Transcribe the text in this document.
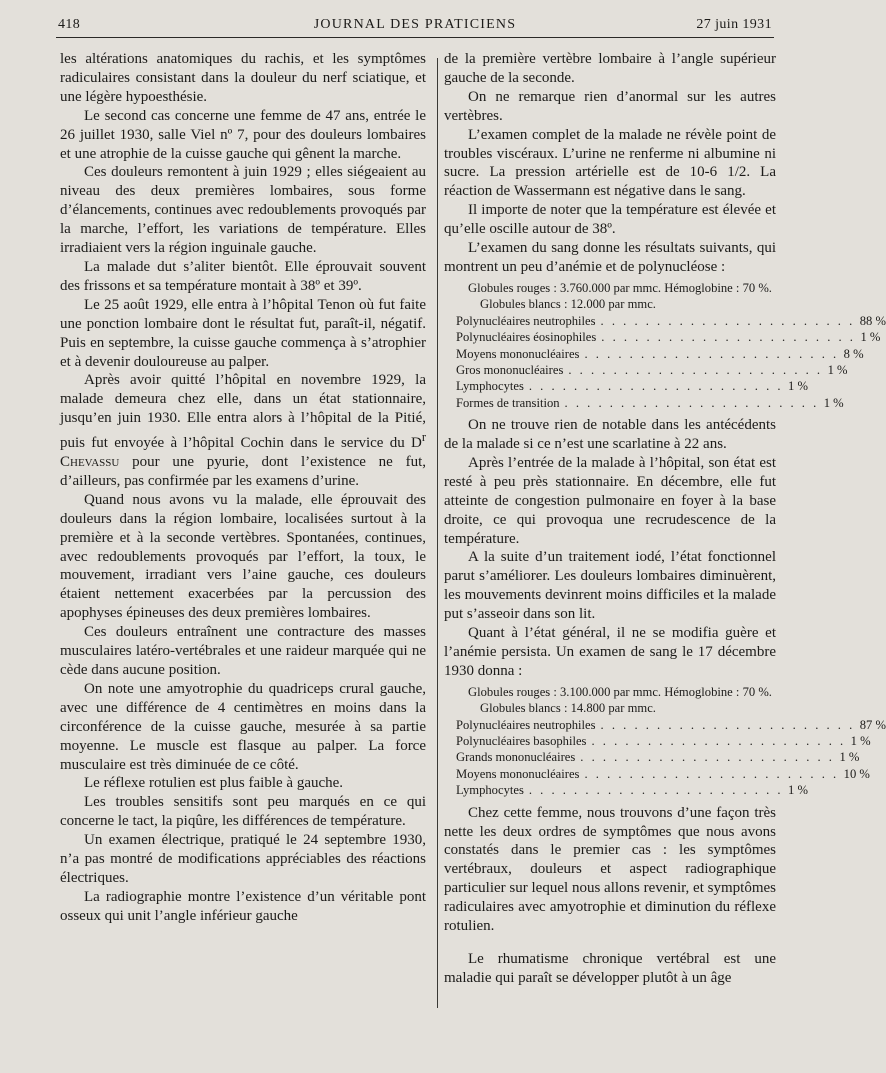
418	JOURNAL DES PRATICIENS	27 juin 1931

les altérations anatomiques du rachis, et les symptômes radiculaires consistant dans la douleur du nerf sciatique, et une légère hypoesthésie.

Le second cas concerne une femme de 47 ans, entrée le 26 juillet 1930, salle Viel nº 7, pour des douleurs lombaires et une atrophie de la cuisse gauche qui gênent la marche.

Ces douleurs remontent à juin 1929 ; elles siégeaient au niveau des deux premières lombaires, sous forme d’élancements, continues avec redoublements provoqués par la marche, l’effort, les variations de température. Elles irradiaient vers la région inguinale gauche.

La malade dut s’aliter bientôt. Elle éprouvait souvent des frissons et sa température montait à 38º et 39º.

Le 25 août 1929, elle entra à l’hôpital Tenon où fut faite une ponction lombaire dont le résultat fut, paraît-il, négatif. Puis en septembre, la cuisse gauche commença à s’atrophier et à devenir douloureuse au palper.

Après avoir quitté l’hôpital en novembre 1929, la malade demeura chez elle, dans un état stationnaire, jusqu’en juin 1930. Elle entra alors à l’hôpital de la Pitié, puis fut envoyée à l’hôpital Cochin dans le service du $D^r$ Chevassu pour une pyurie, dont l’existence ne fut, d’ailleurs, pas confirmée par les examens d’urine.

Quand nous avons vu la malade, elle éprouvait des douleurs dans la région lombaire, localisées surtout à la première et à la seconde vertèbres. Spontanées, continues, avec redoublements provoqués par l’effort, la toux, le mouvement, irradiant vers l’aine gauche, ces douleurs étaient nettement exacerbées par la percussion des apophyses épineuses des deux premières lombaires.

Ces douleurs entraînent une contracture des masses musculaires latéro-vertébrales et une raideur marquée qui ne cède dans aucune position.

On note une amyotrophie du quadriceps crural gauche, avec une différence de 4 centimètres en moins dans la circonférence de la cuisse gauche, mesurée à sa partie moyenne. Le muscle est flasque au palper. La force musculaire est très diminuée de ce côté.

Le réflexe rotulien est plus faible à gauche.

Les troubles sensitifs sont peu marqués en ce qui concerne le tact, la piqûre, les différences de température.

Un examen électrique, pratiqué le 24 septembre 1930, n’a pas montré de modifications appréciables des réactions électriques.

La radiographie montre l’existence d’un véritable pont osseux qui unit l’angle inférieur gauche

de la première vertèbre lombaire à l’angle supérieur gauche de la seconde.

On ne remarque rien d’anormal sur les autres vertèbres.

L’examen complet de la malade ne révèle point de troubles viscéraux. L’urine ne renferme ni albumine ni sucre. La pression artérielle est de 10-6 1/2. La réaction de Wassermann est négative dans le sang.

Il importe de noter que la température est élevée et qu’elle oscille autour de 38º.

L’examen du sang donne les résultats suivants, qui montrent un peu d’anémie et de polynucléose :

Globules rouges : 3.760.000 par mmc. Hémoglobine : 70 %.

Globules blancs : 12.000 par mmc.

Polynucléaires neutrophiles . . . . . . . . . . . . . . . . . . . . . . . 88 %
Polynucléaires éosinophiles . . . . . . . . . . . . . . . . . . . . . . . 1 %
Moyens mononucléaires . . . . . . . . . . . . . . . . . . . . . . . 8 %
Gros mononucléaires . . . . . . . . . . . . . . . . . . . . . . . 1 %
Lymphocytes . . . . . . . . . . . . . . . . . . . . . . . 1 %
Formes de transition . . . . . . . . . . . . . . . . . . . . . . . 1 %

On ne trouve rien de notable dans les antécédents de la malade si ce n’est une scarlatine à 22 ans.

Après l’entrée de la malade à l’hôpital, son état est resté à peu près stationnaire. En décembre, elle fut atteinte de congestion pulmonaire en foyer à la base droite, ce qui provoqua une recrudescence de la température.

A la suite d’un traitement iodé, l’état fonctionnel parut s’améliorer. Les douleurs lombaires diminuèrent, les mouvements devinrent moins difficiles et la malade put s’asseoir dans son lit.

Quant à l’état général, il ne se modifia guère et l’anémie persista. Un examen de sang le 17 décembre 1930 donna :

Globules rouges : 3.100.000 par mmc. Hémoglobine : 70 %.

Globules blancs : 14.800 par mmc.

Polynucléaires neutrophiles . . . . . . . . . . . . . . . . . . . . . . . 87 %
Polynucléaires basophiles . . . . . . . . . . . . . . . . . . . . . . . 1 %
Grands mononucléaires . . . . . . . . . . . . . . . . . . . . . . . 1 %
Moyens mononucléaires . . . . . . . . . . . . . . . . . . . . . . . 10 %
Lymphocytes . . . . . . . . . . . . . . . . . . . . . . . 1 %

Chez cette femme, nous trouvons d’une façon très nette les deux ordres de symptômes que nous avons constatés dans le premier cas : les symptômes vertébraux, douleurs et aspect radiographique particulier sur lequel nous allons revenir, et symptômes radiculaires avec amyotrophie et diminution du réflexe rotulien.

Le rhumatisme chronique vertébral est une maladie qui paraît se développer plutôt à un âge
